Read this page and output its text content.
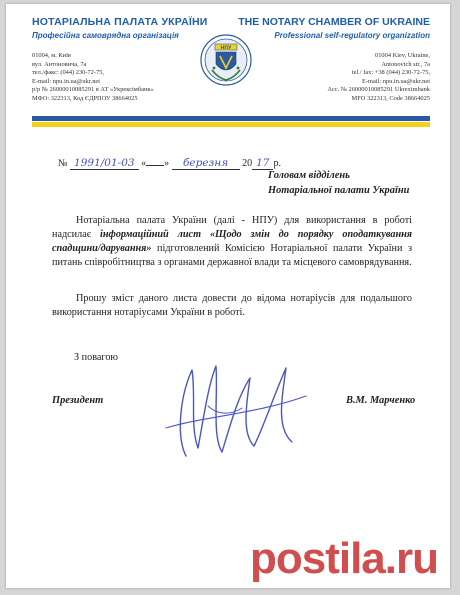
НОТАРІАЛЬНА ПАЛАТА УКРАЇНИ
Професійна самоврядна організація
THE NOTARY CHAMBER OF UKRAINE
Professional self-regulatory organization
01004, м. Київ
вул. Антоновича, 7а
тел./факс: (044) 230-72-75,
E-mail: npu.in.ua@ukr.net
р/р № 26000010085291 в АТ «Укрексімбанк»
МФО: 322313, Код ЄДРПОУ 38664025
01004 Kiev, Ukraine,
Antonovich str., 7a
tel./ fax: +38 (044) 230-72-75,
E-mail: npu.in.ua@ukr.net
Acc. № 26000010085291 Ukreximbank
MFO 322313, Code 38664025
НПУ
№ 1991/01-03 « » березня 20 17 р.
Головам відділень
Нотаріальної палати України
Нотаріальна палата України (далі - НПУ) для використання в роботі надсилає інформаційний лист «Щодо змін до порядку оподаткування спадщини/дарування» підготовлений Комісією Нотаріальної палати України з питань співробітництва з органами державної влади та місцевого самоврядування.
Прошу зміст даного листа довести до відома нотаріусів для подальшого використання нотаріусами України в роботі.
З повагою
Президент	В.М. Марченко
postila.ru
